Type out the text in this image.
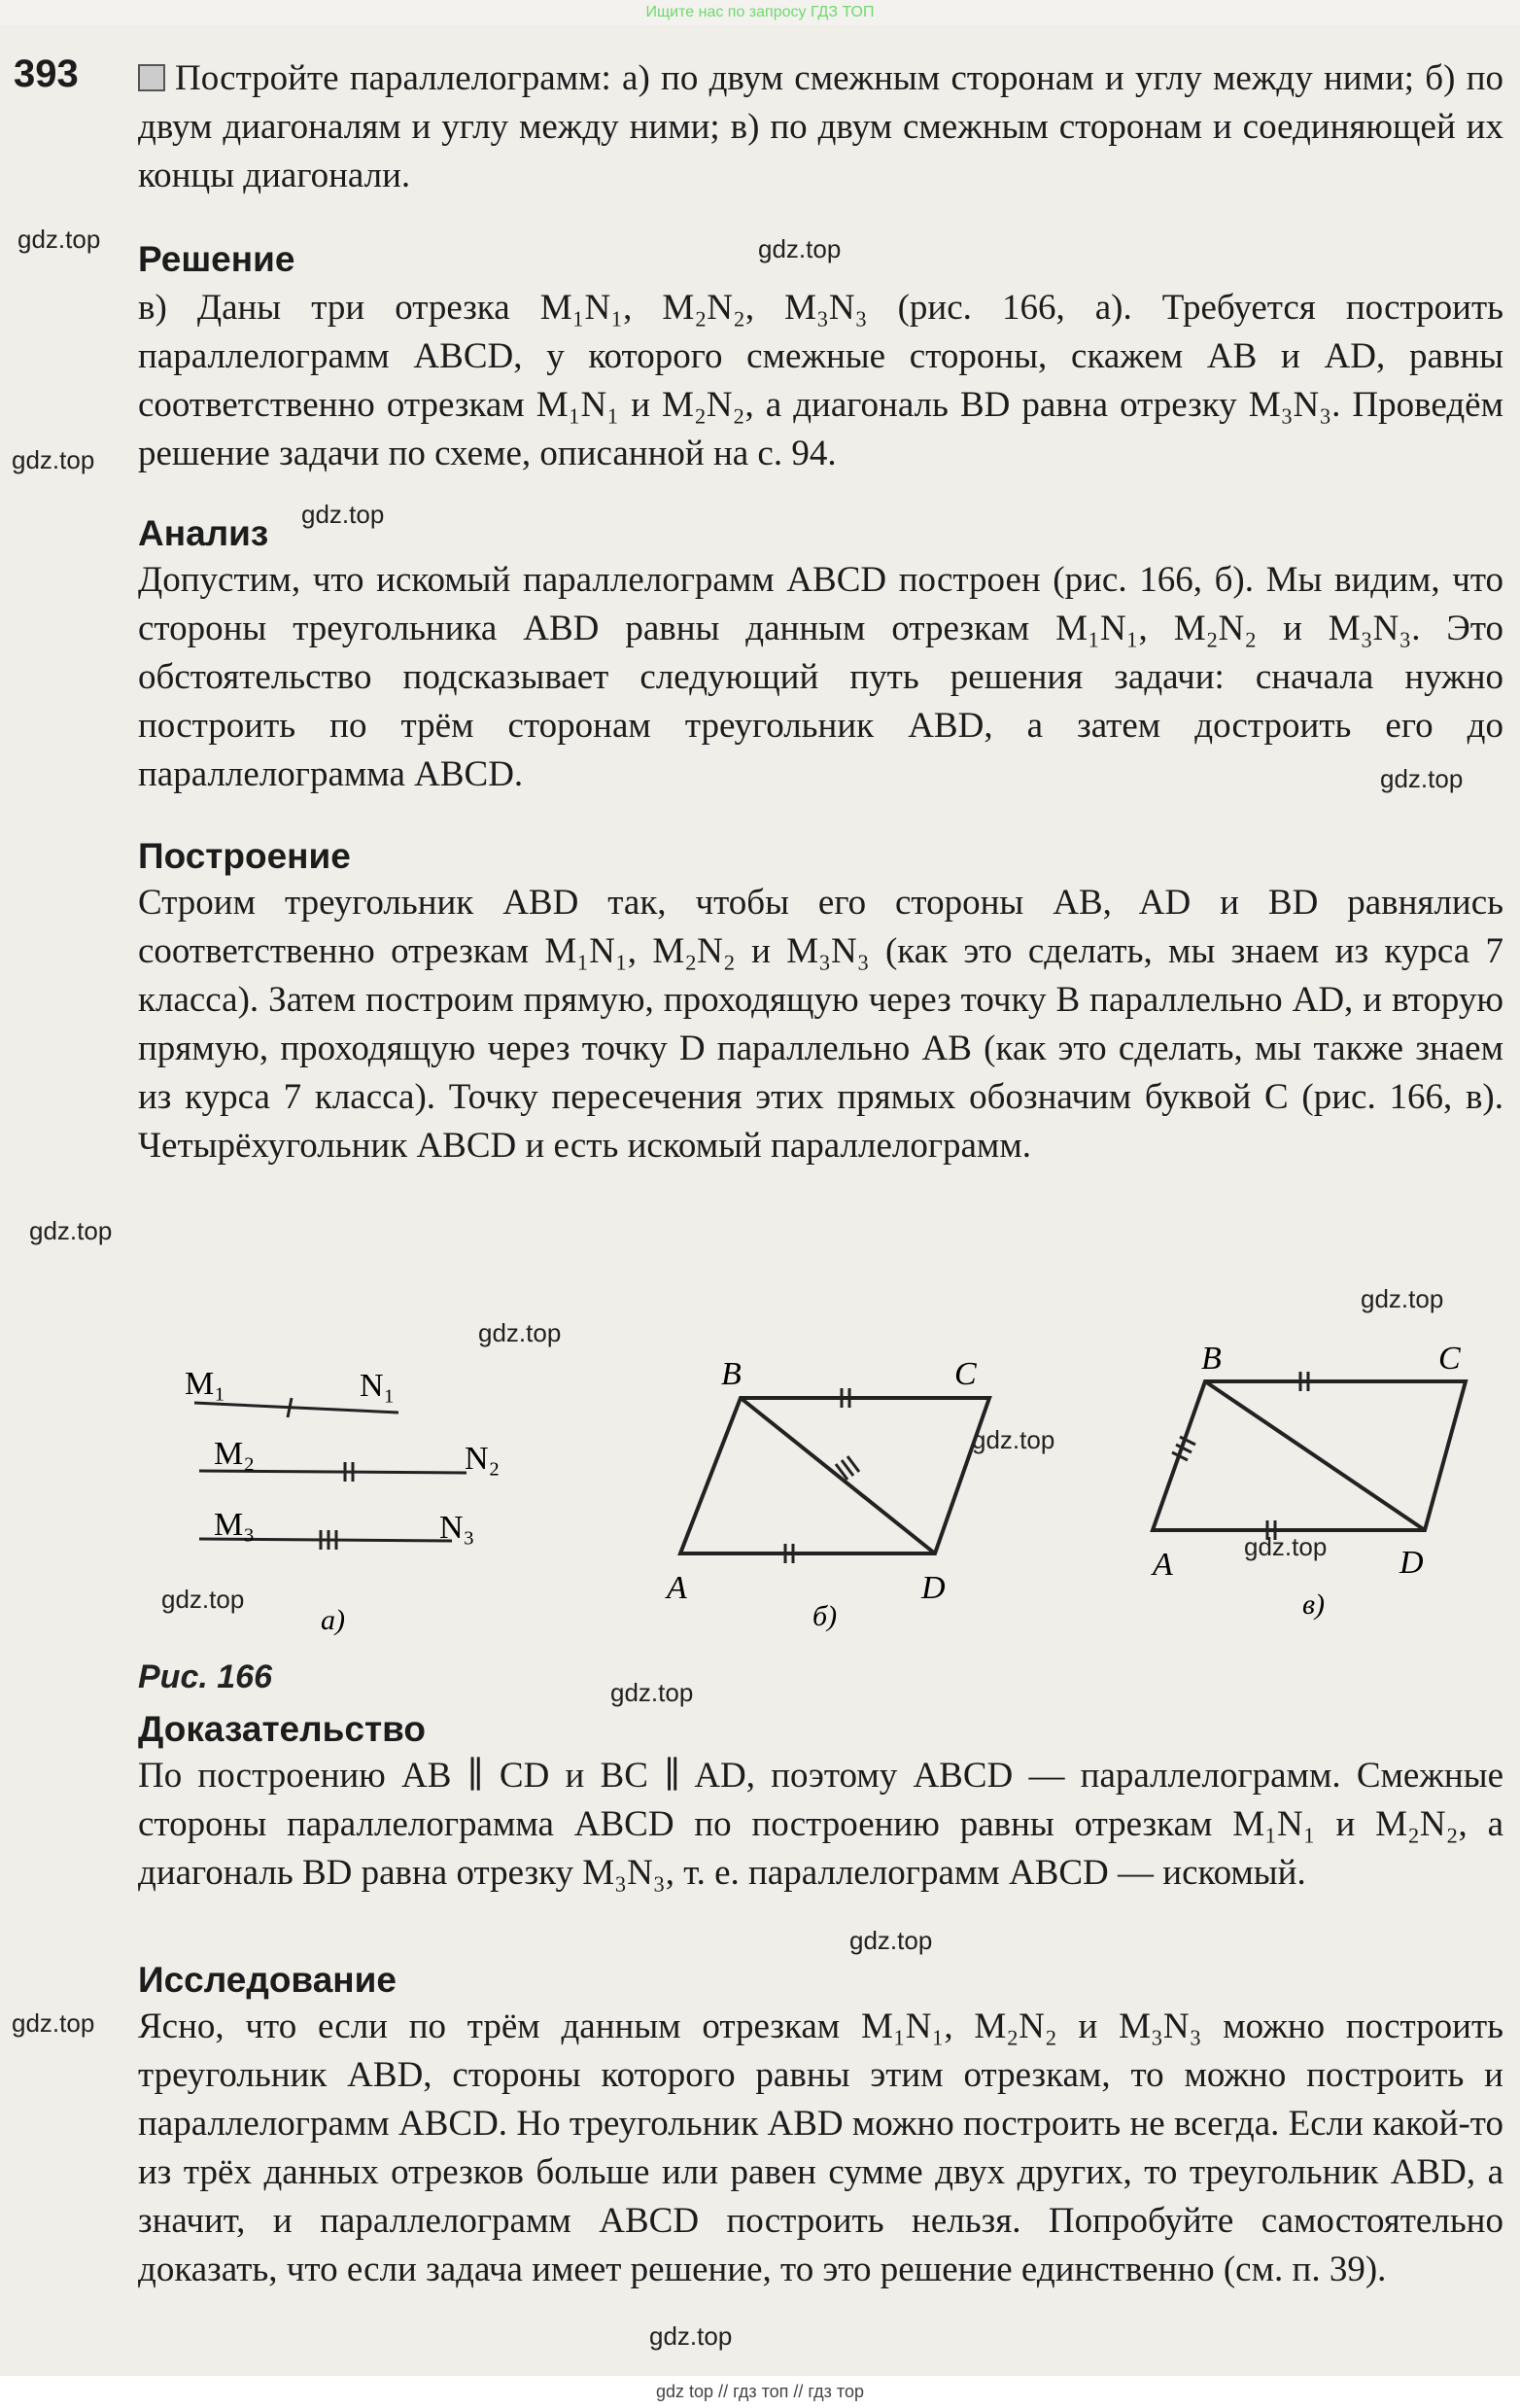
Ищите нас по запросу ГДЗ ТОП
393	Постройте параллелограмм: а) по двум смежным сторонам и углу между ними; б) по двум диагоналям и углу между ними; в) по двум смежным сторонам и соединяющей их концы диагонали.
Решение
в) Даны три отрезка M₁N₁, M₂N₂, M₃N₃ (рис. 166, а). Требуется построить параллелограмм ABCD, у которого смежные стороны, скажем AB и AD, равны соответственно отрезкам M₁N₁ и M₂N₂, а диагональ BD равна отрезку M₃N₃. Проведём решение задачи по схеме, описанной на с. 94.
Анализ
Допустим, что искомый параллелограмм ABCD построен (рис. 166, б). Мы видим, что стороны треугольника ABD равны данным отрезкам M₁N₁, M₂N₂ и M₃N₃. Это обстоятельство подсказывает следующий путь решения задачи: сначала нужно построить по трём сторонам треугольник ABD, а затем достроить его до параллелограмма ABCD.
Построение
Строим треугольник ABD так, чтобы его стороны AB, AD и BD равнялись соответственно отрезкам M₁N₁, M₂N₂ и M₃N₃ (как это сделать, мы знаем из курса 7 класса). Затем построим прямую, проходящую через точку B параллельно AD, и вторую прямую, проходящую через точку D параллельно AB (как это сделать, мы также знаем из курса 7 класса). Точку пересечения этих прямых обозначим буквой C (рис. 166, в). Четырёхугольник ABCD и есть искомый параллелограмм.
M₁	N₁
M₂	N₂
M₃	N₃
а)
B	C
A	D
б)
B	C
A	D
в)
Рис. 166
Доказательство
По построению AB ∥ CD и BC ∥ AD, поэтому ABCD — параллелограмм. Смежные стороны параллелограмма ABCD по построению равны отрезкам M₁N₁ и M₂N₂, а диагональ BD равна отрезку M₃N₃, т. е. параллелограмм ABCD — искомый.
Исследование
Ясно, что если по трём данным отрезкам M₁N₁, M₂N₂ и M₃N₃ можно построить треугольник ABD, стороны которого равны этим отрезкам, то можно построить и параллелограмм ABCD. Но треугольник ABD можно построить не всегда. Если какой-то из трёх данных отрезков больше или равен сумме двух других, то треугольник ABD, а значит, и параллелограмм ABCD построить нельзя. Попробуйте самостоятельно доказать, что если задача имеет решение, то это решение единственно (см. п. 39).
gdz.top	gdz.top
gdz.top
gdz.top
gdz.top
gdz.top
gdz.top
gdz.top
gdz.top
gdz.top
gdz.top
gdz.top
gdz.top
gdz.top
gdz.top
gdz top // гдз топ // гдз тор
